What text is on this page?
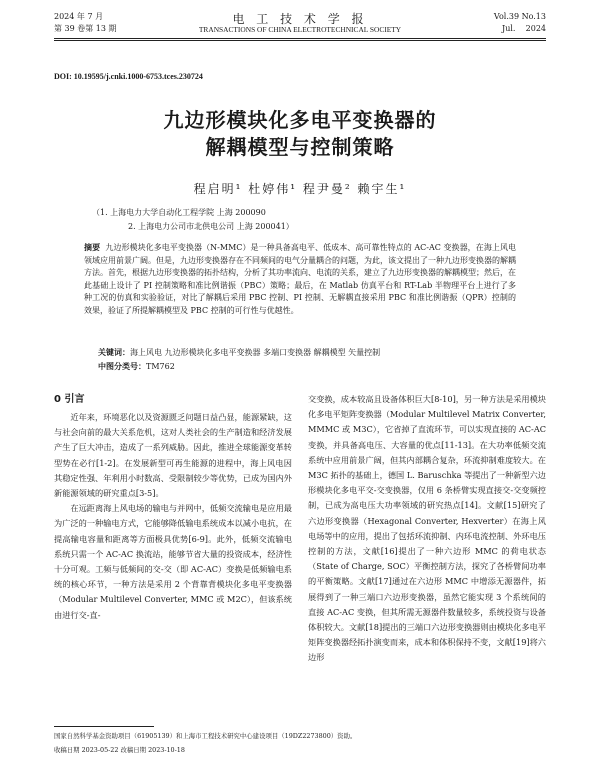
2024 年 7 月
第 39 卷第 13 期
电 工 技 术 学 报
TRANSACTIONS OF CHINA ELECTROTECHNICAL SOCIETY
Vol.39 No.13
Jul.    2024
DOI: 10.19595/j.cnki.1000-6753.tces.230724
九边形模块化多电平变换器的
解耦模型与控制策略
程启明¹ 杜婷伟¹ 程尹曼² 赖宇生¹
（1. 上海电力大学自动化工程学院 上海 200090
2. 上海电力公司市北供电公司 上海 200041）
摘要 九边形模块化多电平变换器（N-MMC）是一种具备高电平、低成本、高可靠性特点的 AC-AC 变换器，在海上风电领域应用前景广阔。但是，九边形变换器存在不同频间的电气分量耦合的问题，为此，该文提出了一种九边形变换器的解耦方法。首先，根据九边形变换器的拓扑结构，分析了其功率流向、电流的关系，建立了九边形变换器的解耦模型；然后，在此基础上设计了 PI 控制策略和准比例谐振（PBC）策略；最后，在 Matlab 仿真平台和 RT-Lab 半物理平台上进行了多种工况的仿真和实验验证，对比了解耦后采用 PBC 控制、PI 控制、无解耦直接采用 PBC 和准比例谐振（QPR）控制的效果，验证了所提解耦模型及 PBC 控制的可行性与优越性。
关键词：海上风电 九边形模块化多电平变换器 多端口变换器 解耦模型 矢量控制
中图分类号：TM762
0 引言

近年来，环境恶化以及资源匮乏问题日益凸显，能源紧缺，这与社会向前的最大关系危机，这对人类社会的生产制造和经济发展产生了巨大冲击，造成了一系列威胁。因此，推进全球能源变革转型势在必行[1-2]。在发展新型可再生能源的进程中，海上风电因其稳定性强、年利用小时数高、受限制较少等优势，已成为国内外新能源领域的研究重点[3-5]。

在远距离海上风电场的输电与并网中，低频交流输电是应用最为广泛的一种输电方式，它能够降低输电系统成本以减小电抗，在提高输电容量和距离等方面极具优势[6-9]。此外，低频交流输电系统只需一个 AC-AC 换流站，能够节省大量的投资成本，经济性十分可观。工频与低频间的交-交（即 AC-AC）变换是低频输电系统的核心环节，一种方法是采用 2 个背靠背模块化多电平变换器（Modular Multilevel Converter, MMC 或 M2C），但该系统由进行交-直-

交变换，成本较高且设备体积巨大[8-10]，另一种方法是采用模块化多电平矩阵变换器（Modular Multilevel Matrix Converter, MMMC 或 M3C），它省掉了直流环节，可以实现直接的 AC-AC 变换，并具备高电压、大容量的优点[11-13]。在大功率低频交流系统中应用前景广阔，但其内部耦合复杂，环流抑制难度较大。在 M3C 拓扑的基础上，德国 L. Baruschka 等提出了一种新型六边形模块化多电平交-交变换器，仅用 6 条桥臂实现直接交-交变频控制，已成为高电压大功率领域的研究热点[14]。文献[15]研究了六边形变换器（Hexagonal Converter, Hexverter）在海上风电场等中的应用，提出了包括环流抑制、内环电流控制、外环电压控制的方法，文献[16]提出了一种六边形 MMC 的荷电状态（State of Charge, SOC）平衡控制方法，探究了各桥臂间功率的平衡策略。文献[17]通过在六边形 MMC 中增添无源器件，拓展得到了一种三端口六边形变换器，虽然它能实现 3 个系统间的直接 AC-AC 变换，但其所需无源器件数量较多，系统投资与设备体积较大。文献[18]提出的三端口六边形变换器则由模块化多电平矩阵变换器经拓扑演变而来，成本和体积保持不变，文献[19]将六边形

国家自然科学基金资助项目（61905139）和上海市工程技术研究中心建设项目（19DZ2273800）资助。
收稿日期 2023-05-22 改稿日期 2023-10-18
